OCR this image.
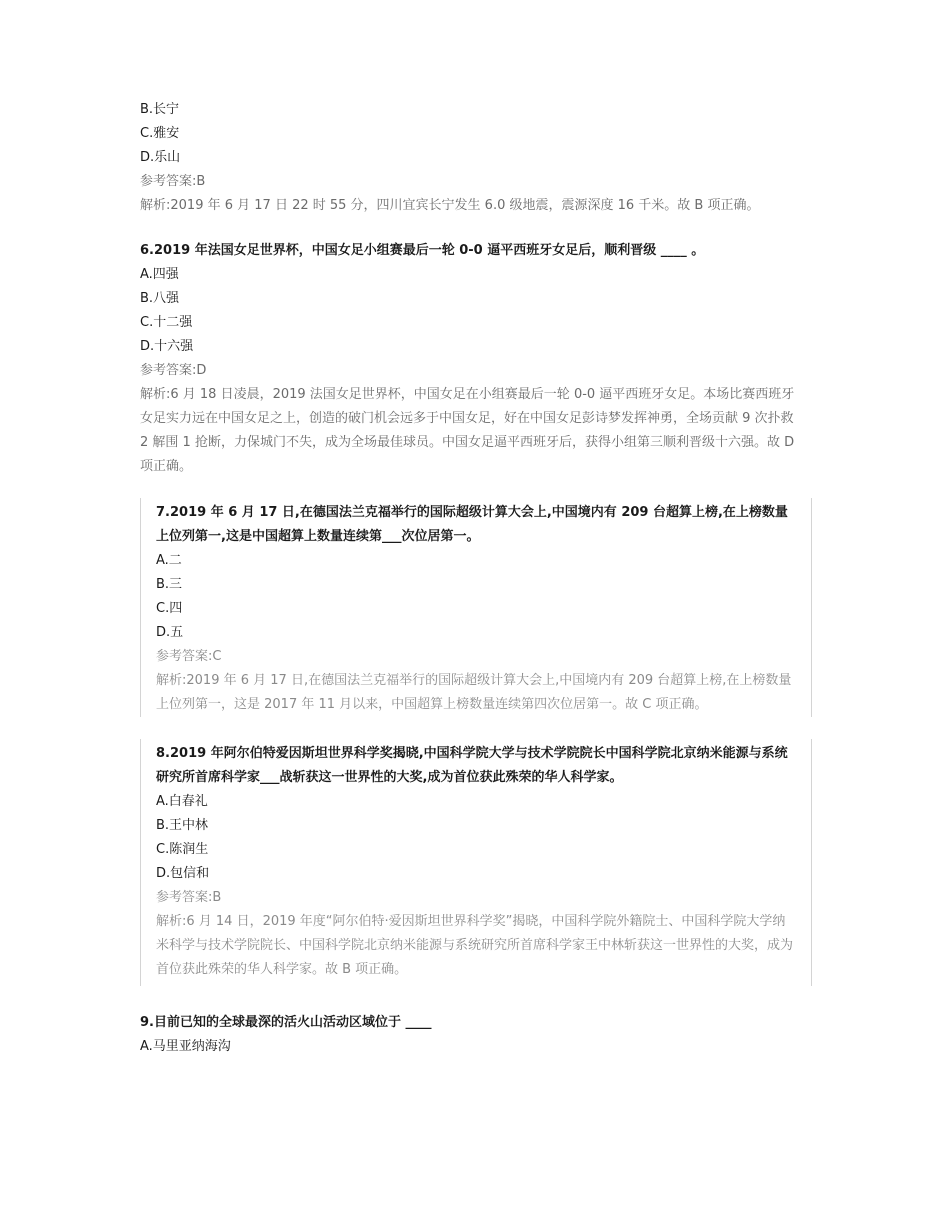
B.长宁
C.雅安
D.乐山
参考答案:B
解析:2019 年 6 月 17 日 22 时 55 分，四川宜宾长宁发生 6.0 级地震，震源深度 16 千米。故 B 项正确。
6.2019 年法国女足世界杯，中国女足小组赛最后一轮 0-0 逼平西班牙女足后，顺利晋级 ____ 。
A.四强
B.八强
C.十二强
D.十六强
参考答案:D
解析:6 月 18 日凌晨，2019 法国女足世界杯，中国女足在小组赛最后一轮 0-0 逼平西班牙女足。本场比赛西班牙女足实力远在中国女足之上，创造的破门机会远多于中国女足，好在中国女足彭诗梦发挥神勇，全场贡献 9 次扑救 2 解围 1 抢断，力保城门不失，成为全场最佳球员。中国女足逼平西班牙后，获得小组第三顺利晋级十六强。故 D 项正确。
7.2019 年 6 月 17 日,在德国法兰克福举行的国际超级计算大会上,中国境内有 209 台超算上榜,在上榜数量上位列第一,这是中国超算上数量连续第___次位居第一。
A.二
B.三
C.四
D.五
参考答案:C
解析:2019 年 6 月 17 日,在德国法兰克福举行的国际超级计算大会上,中国境内有 209 台超算上榜,在上榜数量上位列第一，这是 2017 年 11 月以来，中国超算上榜数量连续第四次位居第一。故 C 项正确。
8.2019 年阿尔伯特爱因斯坦世界科学奖揭晓,中国科学院大学与技术学院院长中国科学院北京纳米能源与系统研究所首席科学家___战斩获这一世界性的大奖,成为首位获此殊荣的华人科学家。
A.白春礼
B.王中林
C.陈润生
D.包信和
参考答案:B
解析:6 月 14 日，2019 年度“阿尔伯特·爱因斯坦世界科学奖”揭晓，中国科学院外籍院士、中国科学院大学纳米科学与技术学院院长、中国科学院北京纳米能源与系统研究所首席科学家王中林斩获这一世界性的大奖，成为首位获此殊荣的华人科学家。故 B 项正确。
9.目前已知的全球最深的活火山活动区域位于 ____
A.马里亚纳海沟
